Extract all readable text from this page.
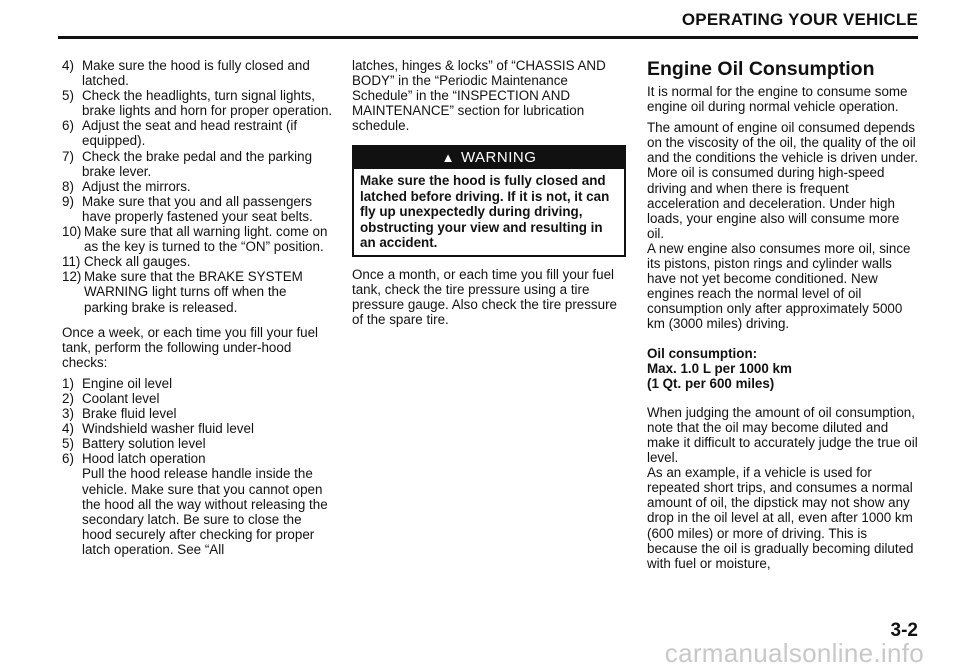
OPERATING YOUR VEHICLE
4) Make sure the hood is fully closed and latched.
5) Check the headlights, turn signal lights, brake lights and horn for proper operation.
6) Adjust the seat and head restraint (if equipped).
7) Check the brake pedal and the parking brake lever.
8) Adjust the mirrors.
9) Make sure that you and all passengers have properly fastened your seat belts.
10) Make sure that all warning light. come on as the key is turned to the “ON” position.
11) Check all gauges.
12) Make sure that the BRAKE SYSTEM WARNING light turns off when the parking brake is released.

Once a week, or each time you fill your fuel tank, perform the following under-hood checks:

1) Engine oil level
2) Coolant level
3) Brake fluid level
4) Windshield washer fluid level
5) Battery solution level
6) Hood latch operation
Pull the hood release handle inside the vehicle. Make sure that you cannot open the hood all the way without releasing the secondary latch. Be sure to close the hood securely after checking for proper latch operation. See “All

latches, hinges & locks” of “CHASSIS AND BODY” in the “Periodic Maintenance Schedule” in the “INSPECTION AND MAINTENANCE” section for lubrication schedule.

▲ WARNING
Make sure the hood is fully closed and latched before driving. If it is not, it can fly up unexpectedly during driving, obstructing your view and resulting in an accident.

Once a month, or each time you fill your fuel tank, check the tire pressure using a tire pressure gauge. Also check the tire pressure of the spare tire.

Engine Oil Consumption

It is normal for the engine to consume some engine oil during normal vehicle operation.

The amount of engine oil consumed depends on the viscosity of the oil, the quality of the oil and the conditions the vehicle is driven under.

More oil is consumed during high-speed driving and when there is frequent acceleration and deceleration. Under high loads, your engine also will consume more oil.

A new engine also consumes more oil, since its pistons, piston rings and cylinder walls have not yet become conditioned. New engines reach the normal level of oil consumption only after approximately 5000 km (3000 miles) driving.

Oil consumption:
Max. 1.0 L per 1000 km
(1 Qt. per 600 miles)

When judging the amount of oil consumption, note that the oil may become diluted and make it difficult to accurately judge the true oil level.

As an example, if a vehicle is used for repeated short trips, and consumes a normal amount of oil, the dipstick may not show any drop in the oil level at all, even after 1000 km (600 miles) or more of driving. This is because the oil is gradually becoming diluted with fuel or moisture,

3-2
carmanualsonline.info
